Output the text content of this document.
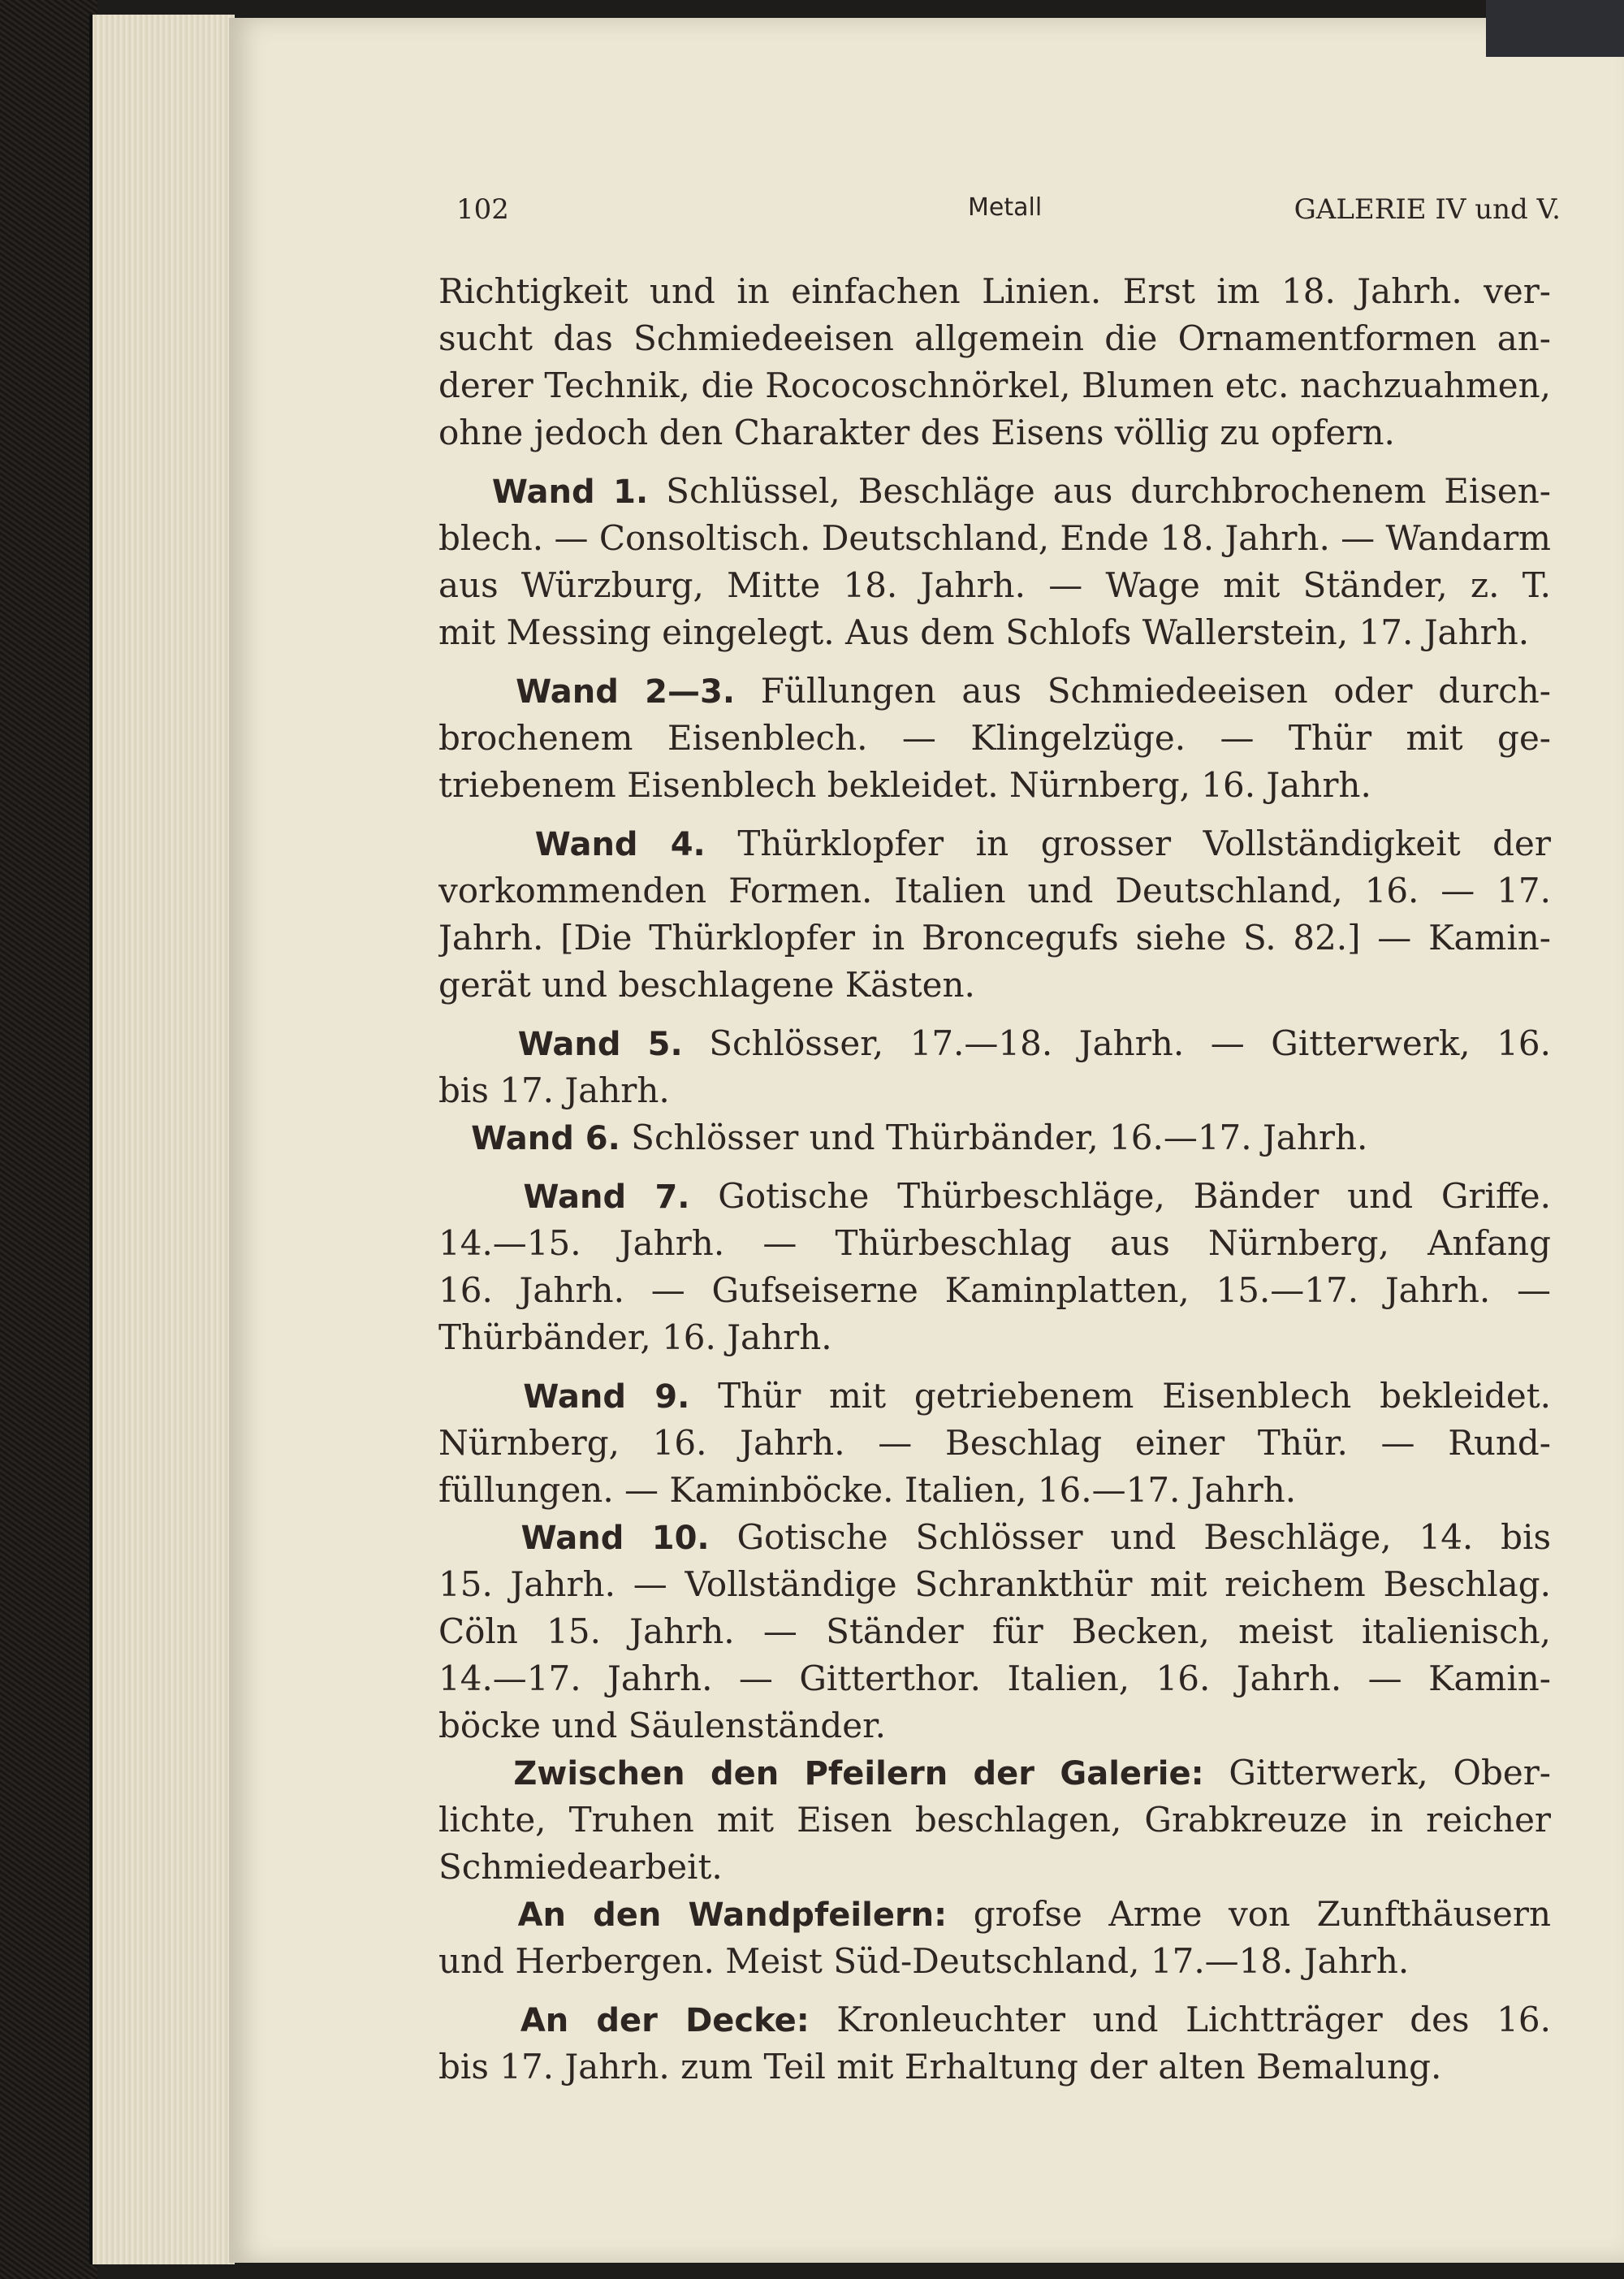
102	Metall	GALERIE IV und V.
Richtigkeit und in einfachen Linien. Erst im 18. Jahrh. ver-
sucht das Schmiedeeisen allgemein die Ornamentformen an-
derer Technik, die Rococoschnörkel, Blumen etc. nachzuahmen,
ohne jedoch den Charakter des Eisens völlig zu opfern.
Wand 1. Schlüssel, Beschläge aus durchbrochenem Eisen-
blech. — Consoltisch. Deutschland, Ende 18. Jahrh. — Wandarm
aus Würzburg, Mitte 18. Jahrh. — Wage mit Ständer, z. T.
mit Messing eingelegt. Aus dem Schlofs Wallerstein, 17. Jahrh.
Wand 2—3. Füllungen aus Schmiedeeisen oder durch-
brochenem Eisenblech. — Klingelzüge. — Thür mit ge-
triebenem Eisenblech bekleidet. Nürnberg, 16. Jahrh.
Wand 4. Thürklopfer in grosser Vollständigkeit der
vorkommenden Formen. Italien und Deutschland, 16. — 17.
Jahrh. [Die Thürklopfer in Broncegufs siehe S. 82.] — Kamin-
gerät und beschlagene Kästen.
Wand 5. Schlösser, 17.—18. Jahrh. — Gitterwerk, 16.
bis 17. Jahrh.
Wand 6. Schlösser und Thürbänder, 16.—17. Jahrh.
Wand 7. Gotische Thürbeschläge, Bänder und Griffe.
14.—15. Jahrh. — Thürbeschlag aus Nürnberg, Anfang
16. Jahrh. — Gufseiserne Kaminplatten, 15.—17. Jahrh. —
Thürbänder, 16. Jahrh.
Wand 9. Thür mit getriebenem Eisenblech bekleidet.
Nürnberg, 16. Jahrh. — Beschlag einer Thür. — Rund-
füllungen. — Kaminböcke. Italien, 16.—17. Jahrh.
Wand 10. Gotische Schlösser und Beschläge, 14. bis
15. Jahrh. — Vollständige Schrankthür mit reichem Beschlag.
Cöln 15. Jahrh. — Ständer für Becken, meist italienisch,
14.—17. Jahrh. — Gitterthor. Italien, 16. Jahrh. — Kamin-
böcke und Säulenständer.
Zwischen den Pfeilern der Galerie: Gitterwerk, Ober-
lichte, Truhen mit Eisen beschlagen, Grabkreuze in reicher
Schmiedearbeit.
An den Wandpfeilern: grofse Arme von Zunfthäusern
und Herbergen. Meist Süd-Deutschland, 17.—18. Jahrh.
An der Decke: Kronleuchter und Lichtträger des 16.
bis 17. Jahrh. zum Teil mit Erhaltung der alten Bemalung.
